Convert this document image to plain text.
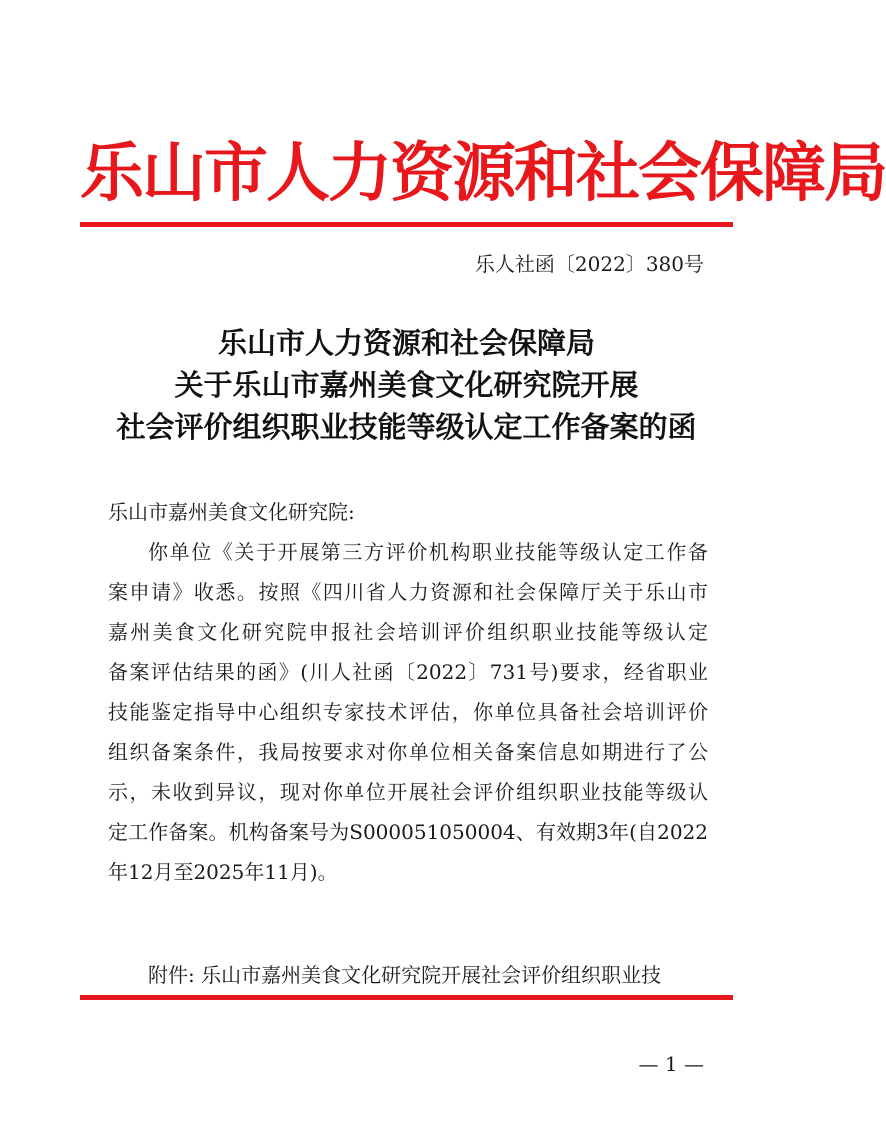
乐山市人力资源和社会保障局
乐人社函〔2022〕380号
乐山市人力资源和社会保障局
关于乐山市嘉州美食文化研究院开展
社会评价组织职业技能等级认定工作备案的函
乐山市嘉州美食文化研究院:
你单位《关于开展第三方评价机构职业技能等级认定工作备
案申请》收悉。按照《四川省人力资源和社会保障厅关于乐山市
嘉州美食文化研究院申报社会培训评价组织职业技能等级认定
备案评估结果的函》(川人社函〔2022〕731号)要求，经省职业
技能鉴定指导中心组织专家技术评估，你单位具备社会培训评价
组织备案条件，我局按要求对你单位相关备案信息如期进行了公
示，未收到异议，现对你单位开展社会评价组织职业技能等级认
定工作备案。机构备案号为S000051050004、有效期3年(自2022
年12月至2025年11月)。
附件: 乐山市嘉州美食文化研究院开展社会评价组织职业技
— 1 —
